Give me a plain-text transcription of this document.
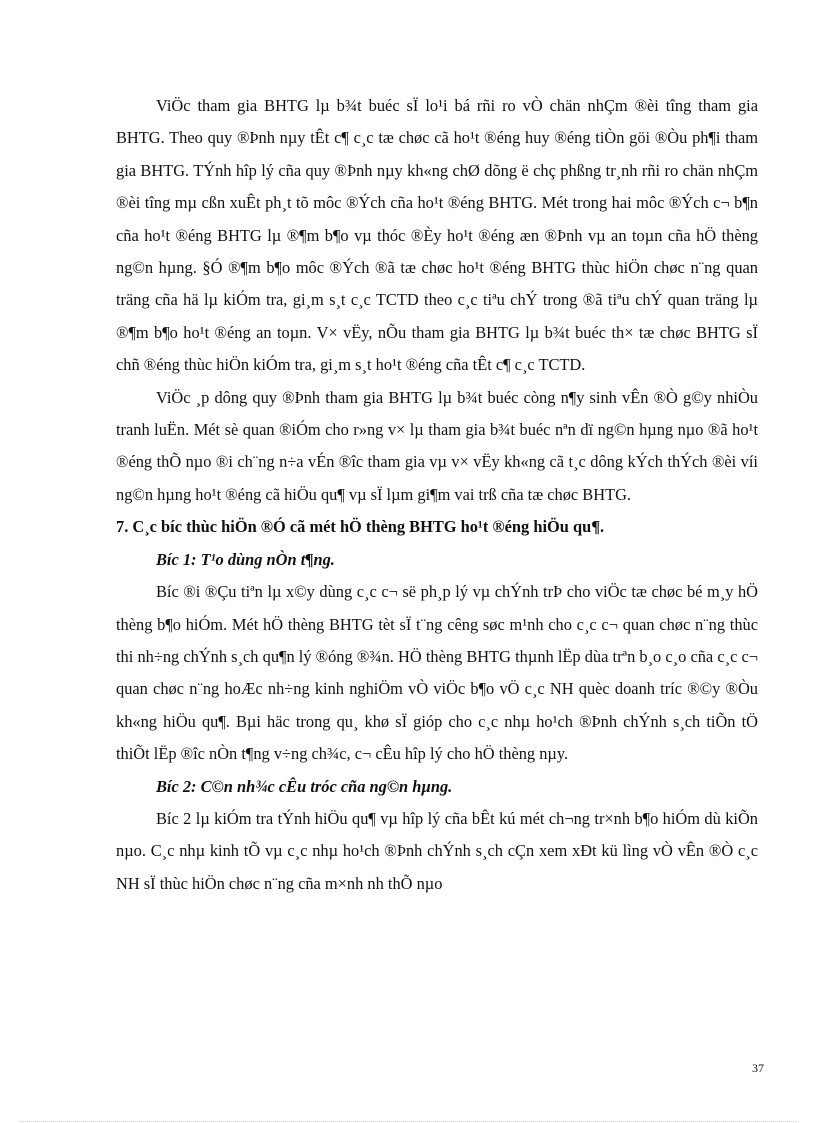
ViÖc tham gia BHTG lµ b¾t buéc sÏ lo¹i bá rñi ro vÒ chän nhÇm ®èi tîng tham gia BHTG. Theo quy ®Þnh nµy tÊt c¶ c¸c tæ chøc cã ho¹t ®éng huy ®éng tiÒn göi ®Òu ph¶i tham gia BHTG. TÝnh hîp lý cña quy ®Þnh nµy kh«ng chØ dõng ë chç phßng tr¸nh rñi ro chän nhÇm ®èi tîng mµ cßn xuÊt ph¸t tõ môc ®Ých cña ho¹t ®éng BHTG. Mét trong hai môc ®Ých c¬ b¶n cña ho¹t ®éng BHTG lµ ®¶m b¶o vµ thóc ®Èy ho¹t ®éng æn ®Þnh vµ an toµn cña hÖ thèng ng©n hµng. §Ó ®¶m b¶o môc ®Ých ®ã tæ chøc ho¹t ®éng BHTG thùc hiÖn chøc n¨ng quan träng cña hä lµ kiÓm tra, gi¸m s¸t c¸c TCTD theo c¸c tiªu chÝ trong ®ã tiªu chÝ quan träng lµ ®¶m b¶o ho¹t ®éng an toµn. V× vËy, nÕu tham gia BHTG lµ b¾t buéc th× tæ chøc BHTG sÏ chñ ®éng thùc hiÖn kiÓm tra, gi¸m s¸t ho¹t ®éng cña tÊt c¶ c¸c TCTD.

ViÖc ¸p dông quy ®Þnh tham gia BHTG lµ b¾t buéc còng n¶y sinh vÊn ®Ò g©y nhiÒu tranh luËn. Mét sè quan ®iÓm cho r»ng v× lµ tham gia b¾t buéc nªn dï ng©n hµng nµo ®ã ho¹t ®éng thÕ nµo ®i ch¨ng n÷a vÉn ®îc tham gia vµ v× vËy kh«ng cã t¸c dông kÝch thÝch ®èi víi ng©n hµng ho¹t ®éng cã hiÖu qu¶ vµ sÏ lµm gi¶m vai trß cña tæ chøc BHTG.

7. C¸c bíc thùc hiÖn ®Ó cã mét hÖ thèng BHTG ho¹t ®éng hiÖu qu¶.

Bíc 1: T¹o dùng nÒn t¶ng.

Bíc ®i ®Çu tiªn lµ x©y dùng c¸c c¬ së ph¸p lý vµ chÝnh trÞ cho viÖc tæ chøc bé m¸y hÖ thèng b¶o hiÓm. Mét hÖ thèng BHTG tèt sÏ t¨ng cêng søc m¹nh cho c¸c c¬ quan chøc n¨ng thùc thi nh÷ng chÝnh s¸ch qu¶n lý ®óng ®¾n. HÖ thèng BHTG thµnh lËp dùa trªn b¸o c¸o cña c¸c c¬ quan chøc n¨ng hoÆc nh÷ng kinh nghiÖm vÒ viÖc b¶o vÖ c¸c NH quèc doanh tríc ®©y ®Òu kh«ng hiÖu qu¶. Bµi häc trong qu¸ khø sÏ gióp cho c¸c nhµ ho¹ch ®Þnh chÝnh s¸ch tiÕn tÖ thiÕt lËp ®îc nÒn t¶ng v÷ng ch¾c, c¬ cÊu hîp lý cho hÖ thèng nµy.

Bíc 2: C©n nh¾c cÊu tróc cña ng©n hµng.

Bíc 2 lµ kiÓm tra tÝnh hiÖu qu¶ vµ hîp lý cña bÊt kú mét ch¬ng tr×nh b¶o hiÓm dù kiÕn nµo. C¸c nhµ kinh tÕ vµ c¸c nhµ ho¹ch ®Þnh chÝnh s¸ch cÇn xem xÐt kü lìng vÒ vÊn ®Ò c¸c NH sÏ thùc hiÖn chøc n¨ng cña m×nh nh thÕ nµo

37
